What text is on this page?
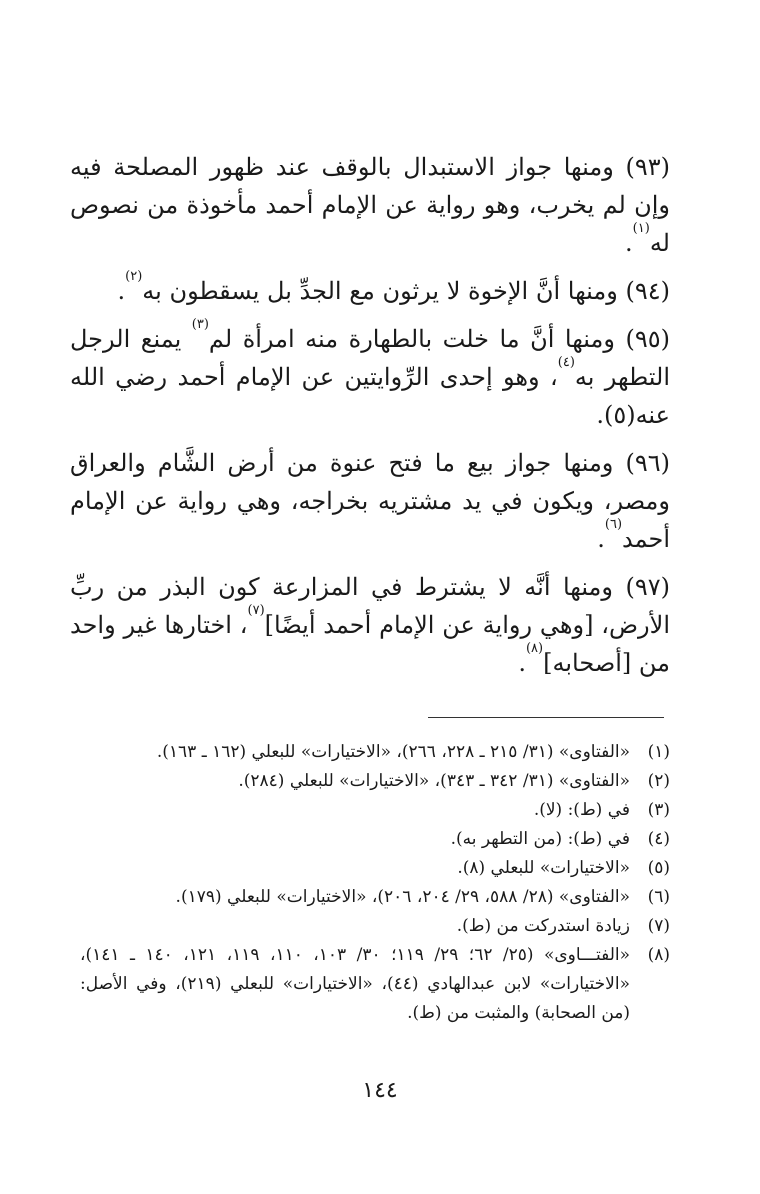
(٩٣) ومنها جواز الاستبدال بالوقف عند ظهور المصلحة فيه وإن لم يخرب، وهو رواية عن الإمام أحمد مأخوذة من نصوص له$^{(١)}$.

(٩٤) ومنها أنَّ الإخوة لا يرثون مع الجدِّ بل يسقطون به$^{(٢)}$.

(٩٥) ومنها أنَّ ما خلت بالطهارة منه امرأة لم$^{(٣)}$ يمنع الرجل التطهر به$^{(٤)}$، وهو إحدى الرِّوايتين عن الإمام أحمد رضي الله عنه(٥).

(٩٦) ومنها جواز بيع ما فتح عنوة من أرض الشَّام والعراق ومصر، ويكون في يد مشتريه بخراجه، وهي رواية عن الإمام أحمد$^{(٦)}$.

(٩٧) ومنها أنَّه لا يشترط في المزارعة كون البذر من ربِّ الأرض، [وهي رواية عن الإمام أحمد أيضًا]$^{(٧)}$، اختارها غير واحد من [أصحابه]$^{(٨)}$.

(١)
«الفتاوى» (٣١/ ٢١٥ ـ ٢٢٨، ٢٦٦)، «الاختيارات» للبعلي (١٦٢ ـ ١٦٣).
(٢)
«الفتاوى» (٣١/ ٣٤٢ ـ ٣٤٣)، «الاختيارات» للبعلي (٢٨٤).
(٣)
في (ط): (لا).
(٤)
في (ط): (من التطهر به).
(٥)
«الاختيارات» للبعلي (٨).
(٦)
«الفتاوى» (٢٨/ ٥٨٨، ٢٩/ ٢٠٤، ٢٠٦)، «الاختيارات» للبعلي (١٧٩).
(٧)
زيادة استدركت من (ط).
(٨)
«الفتـــاوى» (٢٥/ ٦٢؛ ٢٩/ ١١٩؛ ٣٠/ ١٠٣، ١١٠، ١١٩، ١٢١، ١٤٠ ـ ١٤١)، «الاختيارات» لابن عبدالهادي (٤٤)، «الاختيارات» للبعلي (٢١٩)، وفي الأصل: (من الصحابة) والمثبت من (ط).
١٤٤
